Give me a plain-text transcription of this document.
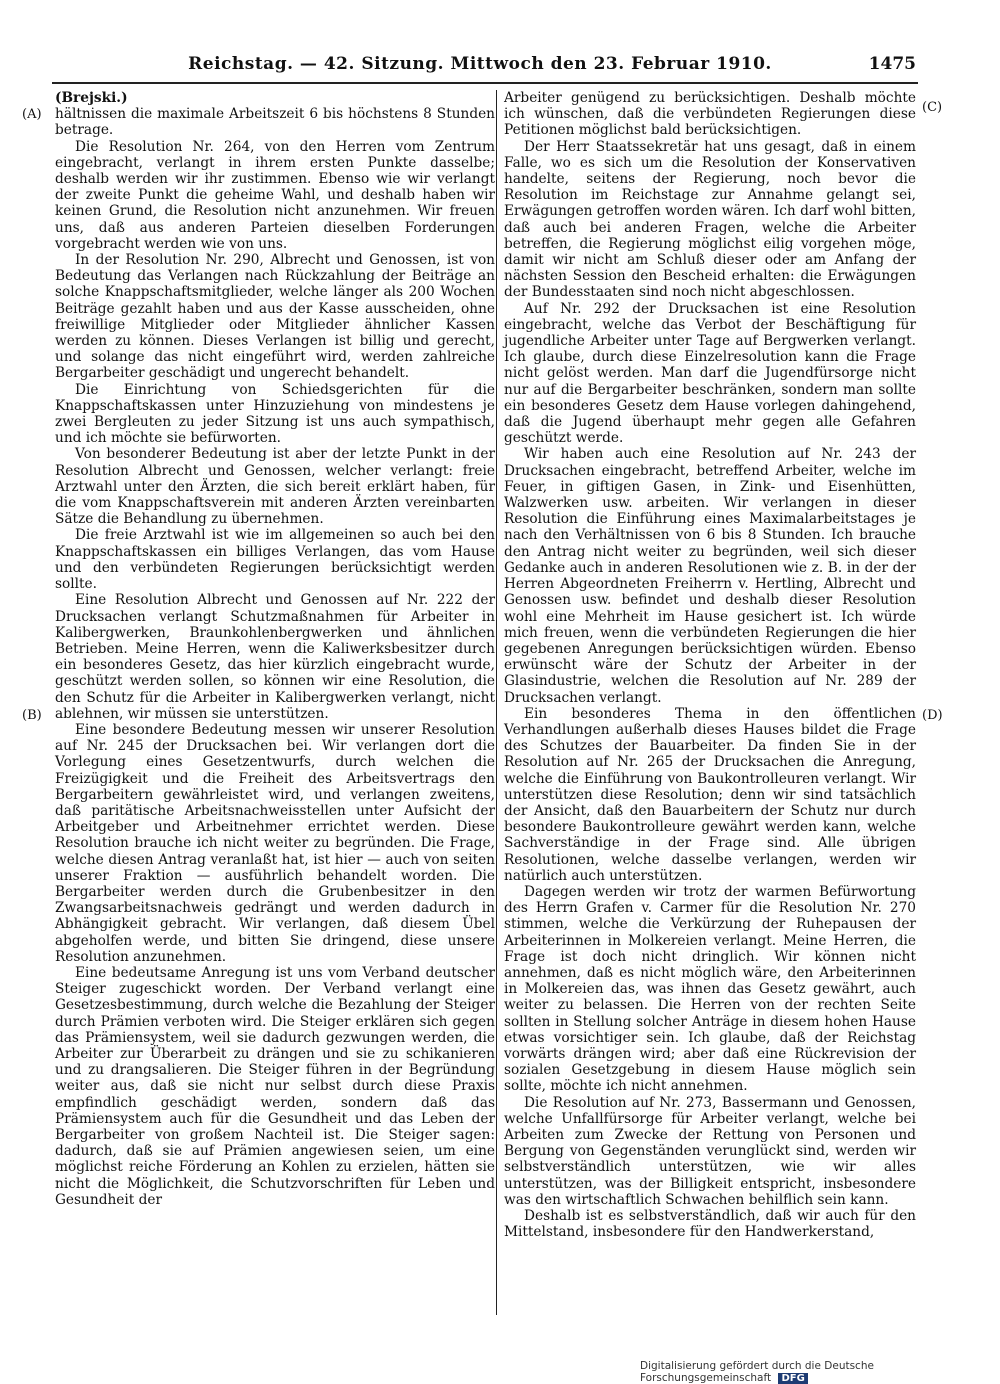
Reichstag. — 42. Sitzung. Mittwoch den 23. Februar 1910.	1475
(A)
(B)
(C)
(D)

(Brejski.)

hältnissen die maximale Arbeitszeit 6 bis höchstens 8 Stunden betrage.

Die Resolution Nr. 264, von den Herren vom Zentrum eingebracht, verlangt in ihrem ersten Punkte dasselbe; deshalb werden wir ihr zustimmen. Ebenso wie wir verlangt der zweite Punkt die geheime Wahl, und deshalb haben wir keinen Grund, die Resolution nicht anzunehmen. Wir freuen uns, daß aus anderen Parteien dieselben Forderungen vorgebracht werden wie von uns.

In der Resolution Nr. 290, Albrecht und Genossen, ist von Bedeutung das Verlangen nach Rückzahlung der Beiträge an solche Knappschaftsmitglieder, welche länger als 200 Wochen Beiträge gezahlt haben und aus der Kasse ausscheiden, ohne freiwillige Mitglieder oder Mitglieder ähnlicher Kassen werden zu können. Dieses Verlangen ist billig und gerecht, und solange das nicht eingeführt wird, werden zahlreiche Bergarbeiter geschädigt und ungerecht behandelt.

Die Einrichtung von Schiedsgerichten für die Knappschaftskassen unter Hinzuziehung von mindestens je zwei Bergleuten zu jeder Sitzung ist uns auch sympathisch, und ich möchte sie befürworten.

Von besonderer Bedeutung ist aber der letzte Punkt in der Resolution Albrecht und Genossen, welcher verlangt: freie Arztwahl unter den Ärzten, die sich bereit erklärt haben, für die vom Knappschaftsverein mit anderen Ärzten vereinbarten Sätze die Behandlung zu übernehmen.

Die freie Arztwahl ist wie im allgemeinen so auch bei den Knappschaftskassen ein billiges Verlangen, das vom Hause und den verbündeten Regierungen berücksichtigt werden sollte.

Eine Resolution Albrecht und Genossen auf Nr. 222 der Drucksachen verlangt Schutzmaßnahmen für Arbeiter in Kalibergwerken, Braunkohlenbergwerken und ähnlichen Betrieben. Meine Herren, wenn die Kaliwerksbesitzer durch ein besonderes Gesetz, das hier kürzlich eingebracht wurde, geschützt werden sollen, so können wir eine Resolution, die den Schutz für die Arbeiter in Kalibergwerken verlangt, nicht ablehnen, wir müssen sie unterstützen.

Eine besondere Bedeutung messen wir unserer Resolution auf Nr. 245 der Drucksachen bei. Wir verlangen dort die Vorlegung eines Gesetzentwurfs, durch welchen die Freizügigkeit und die Freiheit des Arbeitsvertrags den Bergarbeitern gewährleistet wird, und verlangen zweitens, daß paritätische Arbeitsnachweisstellen unter Aufsicht der Arbeitgeber und Arbeitnehmer errichtet werden. Diese Resolution brauche ich nicht weiter zu begründen. Die Frage, welche diesen Antrag veranlaßt hat, ist hier — auch von seiten unserer Fraktion — ausführlich behandelt worden. Die Bergarbeiter werden durch die Grubenbesitzer in den Zwangsarbeitsnachweis gedrängt und werden dadurch in Abhängigkeit gebracht. Wir verlangen, daß diesem Übel abgeholfen werde, und bitten Sie dringend, diese unsere Resolution anzunehmen.

Eine bedeutsame Anregung ist uns vom Verband deutscher Steiger zugeschickt worden. Der Verband verlangt eine Gesetzesbestimmung, durch welche die Bezahlung der Steiger durch Prämien verboten wird. Die Steiger erklären sich gegen das Prämiensystem, weil sie dadurch gezwungen werden, die Arbeiter zur Überarbeit zu drängen und sie zu schikanieren und zu drangsalieren. Die Steiger führen in der Begründung weiter aus, daß sie nicht nur selbst durch diese Praxis empfindlich geschädigt werden, sondern daß das Prämiensystem auch für die Gesundheit und das Leben der Bergarbeiter von großem Nachteil ist. Die Steiger sagen: dadurch, daß sie auf Prämien angewiesen seien, um eine möglichst reiche Förderung an Kohlen zu erzielen, hätten sie nicht die Möglichkeit, die Schutzvorschriften für Leben und Gesundheit der

Arbeiter genügend zu berücksichtigen. Deshalb möchte ich wünschen, daß die verbündeten Regierungen diese Petitionen möglichst bald berücksichtigen.

Der Herr Staatssekretär hat uns gesagt, daß in einem Falle, wo es sich um die Resolution der Konservativen handelte, seitens der Regierung, noch bevor die Resolution im Reichstage zur Annahme gelangt sei, Erwägungen getroffen worden wären. Ich darf wohl bitten, daß auch bei anderen Fragen, welche die Arbeiter betreffen, die Regierung möglichst eilig vorgehen möge, damit wir nicht am Schluß dieser oder am Anfang der nächsten Session den Bescheid erhalten: die Erwägungen der Bundesstaaten sind noch nicht abgeschlossen.

Auf Nr. 292 der Drucksachen ist eine Resolution eingebracht, welche das Verbot der Beschäftigung für jugendliche Arbeiter unter Tage auf Bergwerken verlangt. Ich glaube, durch diese Einzelresolution kann die Frage nicht gelöst werden. Man darf die Jugendfürsorge nicht nur auf die Bergarbeiter beschränken, sondern man sollte ein besonderes Gesetz dem Hause vorlegen dahingehend, daß die Jugend überhaupt mehr gegen alle Gefahren geschützt werde.

Wir haben auch eine Resolution auf Nr. 243 der Drucksachen eingebracht, betreffend Arbeiter, welche im Feuer, in giftigen Gasen, in Zink- und Eisenhütten, Walzwerken usw. arbeiten. Wir verlangen in dieser Resolution die Einführung eines Maximalarbeitstages je nach den Verhältnissen von 6 bis 8 Stunden. Ich brauche den Antrag nicht weiter zu begründen, weil sich dieser Gedanke auch in anderen Resolutionen wie z. B. in der der Herren Abgeordneten Freiherrn v. Hertling, Albrecht und Genossen usw. befindet und deshalb dieser Resolution wohl eine Mehrheit im Hause gesichert ist. Ich würde mich freuen, wenn die verbündeten Regierungen die hier gegebenen Anregungen berücksichtigen würden. Ebenso erwünscht wäre der Schutz der Arbeiter in der Glasindustrie, welchen die Resolution auf Nr. 289 der Drucksachen verlangt.

Ein besonderes Thema in den öffentlichen Verhandlungen außerhalb dieses Hauses bildet die Frage des Schutzes der Bauarbeiter. Da finden Sie in der Resolution auf Nr. 265 der Drucksachen die Anregung, welche die Einführung von Baukontrolleuren verlangt. Wir unterstützen diese Resolution; denn wir sind tatsächlich der Ansicht, daß den Bauarbeitern der Schutz nur durch besondere Baukontrolleure gewährt werden kann, welche Sachverständige in der Frage sind. Alle übrigen Resolutionen, welche dasselbe verlangen, werden wir natürlich auch unterstützen.

Dagegen werden wir trotz der warmen Befürwortung des Herrn Grafen v. Carmer für die Resolution Nr. 270 stimmen, welche die Verkürzung der Ruhepausen der Arbeiterinnen in Molkereien verlangt. Meine Herren, die Frage ist doch nicht dringlich. Wir können nicht annehmen, daß es nicht möglich wäre, den Arbeiterinnen in Molkereien das, was ihnen das Gesetz gewährt, auch weiter zu belassen. Die Herren von der rechten Seite sollten in Stellung solcher Anträge in diesem hohen Hause etwas vorsichtiger sein. Ich glaube, daß der Reichstag vorwärts drängen wird; aber daß eine Rückrevision der sozialen Gesetzgebung in diesem Hause möglich sein sollte, möchte ich nicht annehmen.

Die Resolution auf Nr. 273, Bassermann und Genossen, welche Unfallfürsorge für Arbeiter verlangt, welche bei Arbeiten zum Zwecke der Rettung von Personen und Bergung von Gegenständen verunglückt sind, werden wir selbstverständlich unterstützen, wie wir alles unterstützen, was der Billigkeit entspricht, insbesondere was den wirtschaftlich Schwachen behilflich sein kann.

Deshalb ist es selbstverständlich, daß wir auch für den Mittelstand, insbesondere für den Handwerkerstand,

Digitalisierung gefördert durch die Deutsche Forschungsgemeinschaft DFG
